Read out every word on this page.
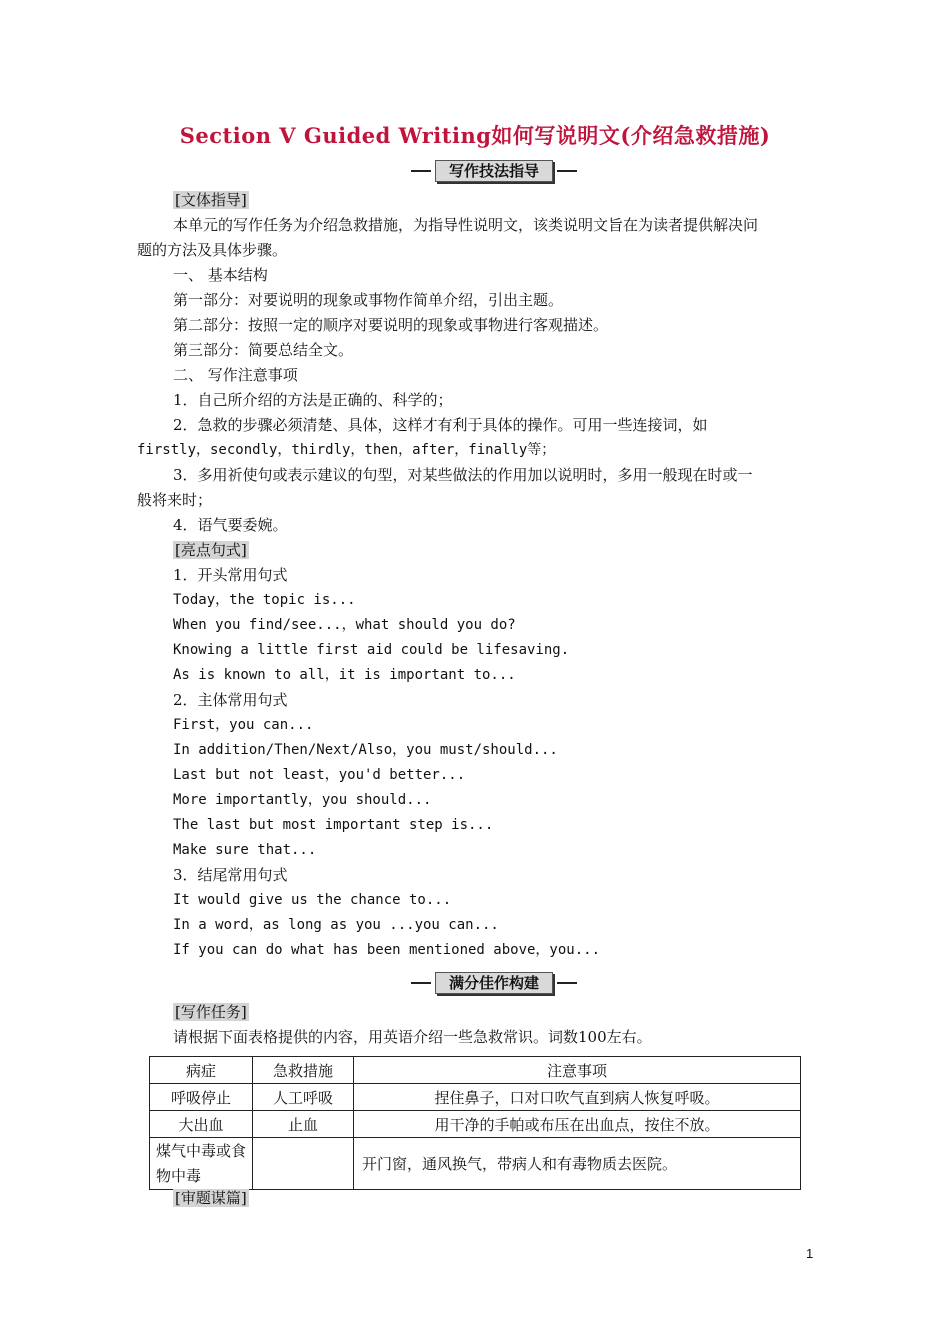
Section Ⅴ Guided Writing如何写说明文(介绍急救措施)
写作技法指导
[文体指导]
本单元的写作任务为介绍急救措施，为指导性说明文，该类说明文旨在为读者提供解决问
题的方法及具体步骤。
一、 基本结构
第一部分：对要说明的现象或事物作简单介绍，引出主题。
第二部分：按照一定的顺序对要说明的现象或事物进行客观描述。
第三部分：简要总结全文。
二、 写作注意事项
1．自己所介绍的方法是正确的、科学的；
2．急救的步骤必须清楚、具体，这样才有利于具体的操作。可用一些连接词，如
firstly，secondly，thirdly，then，after，finally等；
3．多用祈使句或表示建议的句型，对某些做法的作用加以说明时，多用一般现在时或一
般将来时；
4．语气要委婉。
[亮点句式]
1．开头常用句式
Today，the topic is...
When you find/see...，what should you do?
Knowing a little first aid could be lifesaving.
As is known to all，it is important to...
2．主体常用句式
First，you can...
In addition/Then/Next/Also，you must/should...
Last but not least，you'd better...
More importantly，you should...
The last but most important step is...
Make sure that...
3．结尾常用句式
It would give us the chance to...
In a word，as long as you ...you can...
If you can do what has been mentioned above，you...
满分佳作构建
[写作任务]
请根据下面表格提供的内容，用英语介绍一些急救常识。词数100左右。
病症	急救措施	注意事项
呼吸停止	人工呼吸	捏住鼻子，口对口吹气直到病人恢复呼吸。
大出血	止血	用干净的手帕或布压在出血点，按住不放。
煤气中毒或食物中毒		开门窗，通风换气，带病人和有毒物质去医院。
[审题谋篇]
1
